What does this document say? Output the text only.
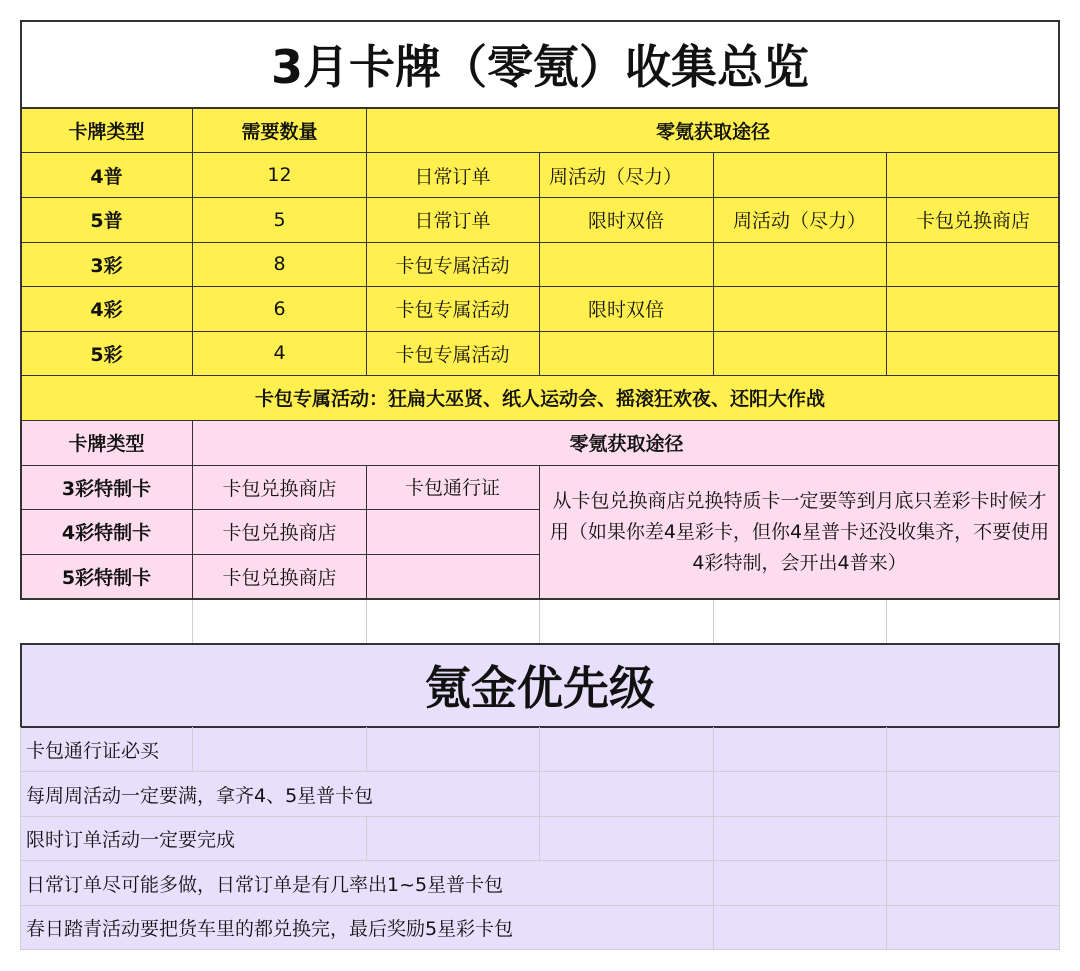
3月卡牌（零氪）收集总览
卡牌类型	需要数量	零氪获取途径
4普	12	日常订单	周活动（尽力）
5普	5	日常订单	限时双倍	周活动（尽力）	卡包兑换商店
3彩	8	卡包专属活动
4彩	6	卡包专属活动	限时双倍
5彩	4	卡包专属活动
卡包专属活动：狂扁大巫贤、纸人运动会、摇滚狂欢夜、还阳大作战
卡牌类型	零氪获取途径
3彩特制卡	卡包兑换商店	卡包通行证
4彩特制卡	卡包兑换商店
5彩特制卡	卡包兑换商店
从卡包兑换商店兑换特质卡一定要等到月底只差彩卡时候才用（如果你差4星彩卡，但你4星普卡还没收集齐，不要使用4彩特制，会开出4普来）
氪金优先级
卡包通行证必买
每周周活动一定要满，拿齐4、5星普卡包
限时订单活动一定要完成
日常订单尽可能多做，日常订单是有几率出1~5星普卡包
春日踏青活动要把货车里的都兑换完，最后奖励5星彩卡包
